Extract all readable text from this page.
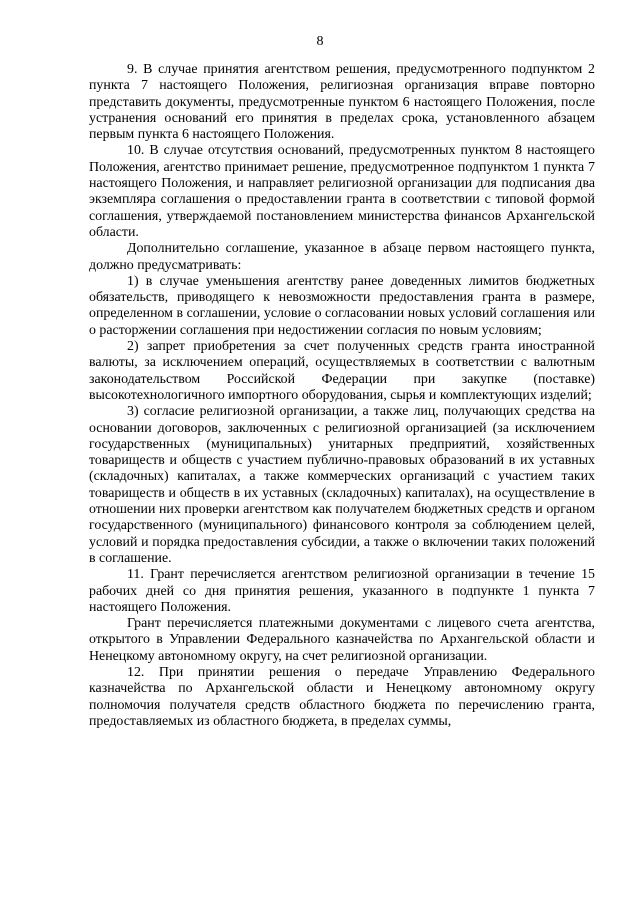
8

9. В случае принятия агентством решения, предусмотренного подпунктом 2 пункта 7 настоящего Положения, религиозная организация вправе повторно представить документы, предусмотренные пунктом 6 настоящего Положения, после устранения оснований его принятия в пределах срока, установленного абзацем первым пункта 6 настоящего Положения.

10. В случае отсутствия оснований, предусмотренных пунктом 8 настоящего Положения, агентство принимает решение, предусмотренное подпунктом 1 пункта 7 настоящего Положения, и направляет религиозной организации для подписания два экземпляра соглашения о предоставлении гранта в соответствии с типовой формой соглашения, утверждаемой постановлением министерства финансов Архангельской области.

Дополнительно соглашение, указанное в абзаце первом настоящего пункта, должно предусматривать:

1) в случае уменьшения агентству ранее доведенных лимитов бюджетных обязательств, приводящего к невозможности предоставления гранта в размере, определенном в соглашении, условие о согласовании новых условий соглашения или о расторжении соглашения при недостижении согласия по новым условиям;

2) запрет приобретения за счет полученных средств гранта иностранной валюты, за исключением операций, осуществляемых в соответствии с валютным законодательством Российской Федерации при закупке (поставке) высокотехнологичного импортного оборудования, сырья и комплектующих изделий;

3) согласие религиозной организации, а также лиц, получающих средства на основании договоров, заключенных с религиозной организацией (за исключением государственных (муниципальных) унитарных предприятий, хозяйственных товариществ и обществ с участием публично-правовых образований в их уставных (складочных) капиталах, а также коммерческих организаций с участием таких товариществ и обществ в их уставных (складочных) капиталах), на осуществление в отношении них проверки агентством как получателем бюджетных средств и органом государственного (муниципального) финансового контроля за соблюдением целей, условий и порядка предоставления субсидии, а также о включении таких положений в соглашение.

11. Грант перечисляется агентством религиозной организации в течение 15 рабочих дней со дня принятия решения, указанного в подпункте 1 пункта 7 настоящего Положения.

Грант перечисляется платежными документами с лицевого счета агентства, открытого в Управлении Федерального казначейства по Архангельской области и Ненецкому автономному округу, на счет религиозной организации.

12. При принятии решения о передаче Управлению Федерального казначейства по Архангельской области и Ненецкому автономному округу полномочия получателя средств областного бюджета по перечислению гранта, предоставляемых из областного бюджета, в пределах суммы,
